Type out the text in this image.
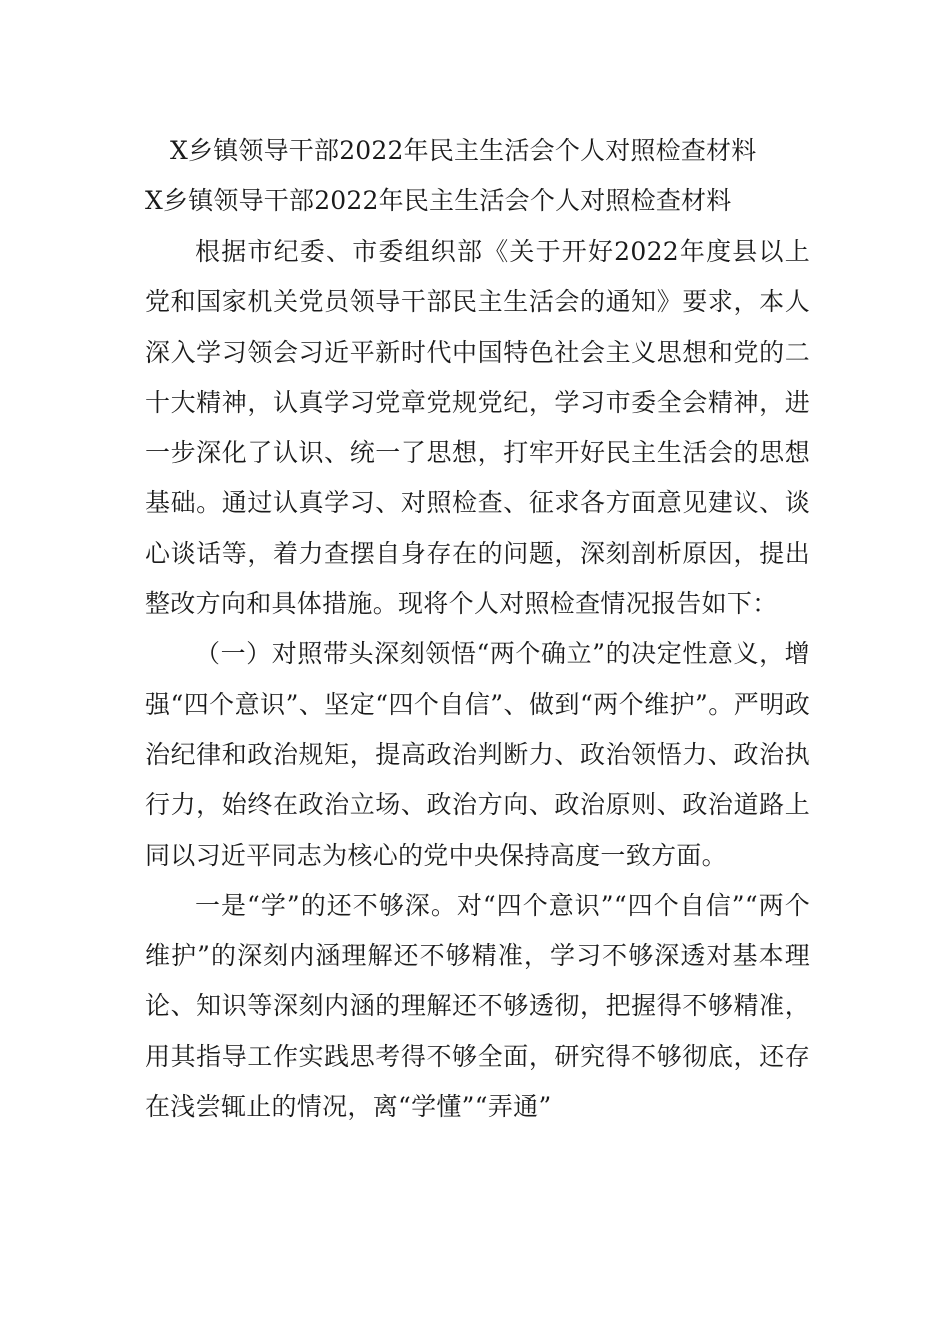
X乡镇领导干部2022年民主生活会个人对照检查材料
X乡镇领导干部2022年民主生活会个人对照检查材料

根据市纪委、市委组织部《关于开好2022年度县以上党和国家机关党员领导干部民主生活会的通知》要求，本人深入学习领会习近平新时代中国特色社会主义思想和党的二十大精神，认真学习党章党规党纪，学习市委全会精神，进一步深化了认识、统一了思想，打牢开好民主生活会的思想基础。通过认真学习、对照检查、征求各方面意见建议、谈心谈话等，着力查摆自身存在的问题，深刻剖析原因，提出整改方向和具体措施。现将个人对照检查情况报告如下：

（一）对照带头深刻领悟“两个确立”的决定性意义，增强“四个意识”、坚定“四个自信”、做到“两个维护”。严明政治纪律和政治规矩，提高政治判断力、政治领悟力、政治执行力，始终在政治立场、政治方向、政治原则、政治道路上同以习近平同志为核心的党中央保持高度一致方面。

一是“学”的还不够深。对“四个意识”“四个自信”“两个维护”的深刻内涵理解还不够精准，学习不够深透对基本理论、知识等深刻内涵的理解还不够透彻，把握得不够精准，用其指导工作实践思考得不够全面，研究得不够彻底，还存在浅尝辄止的情况，离“学懂”“弄通”
